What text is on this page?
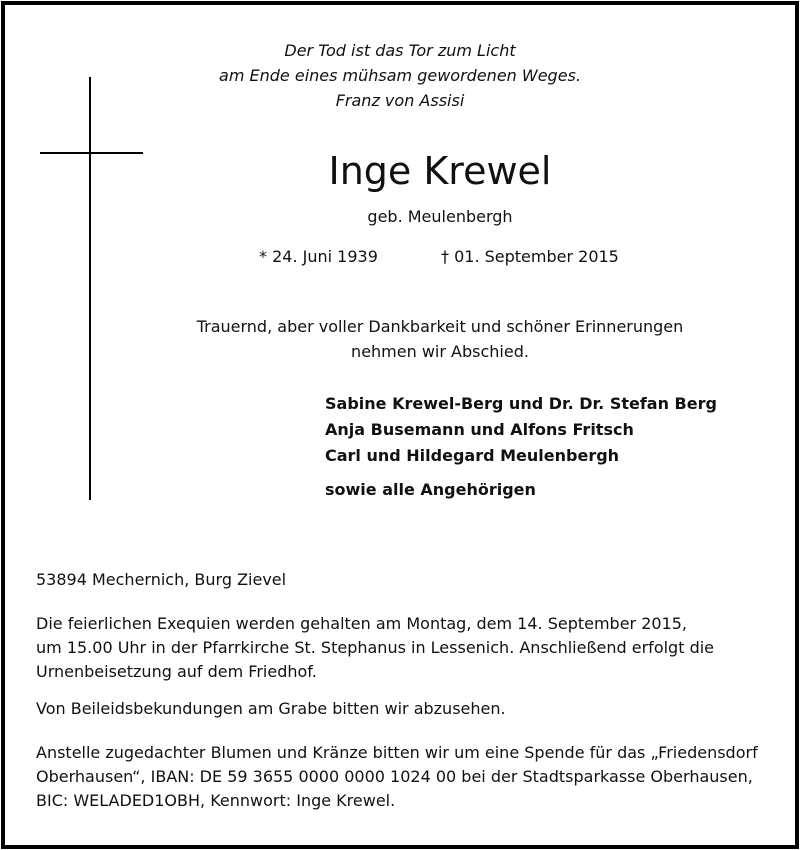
Der Tod ist das Tor zum Licht
am Ende eines mühsam gewordenen Weges.
Franz von Assisi
Inge Krewel
geb. Meulenbergh
* 24. Juni 1939	† 01. September 2015
Trauernd, aber voller Dankbarkeit und schöner Erinnerungen
nehmen wir Abschied.
Sabine Krewel-Berg und Dr. Dr. Stefan Berg
Anja Busemann und Alfons Fritsch
Carl und Hildegard Meulenbergh
sowie alle Angehörigen
53894 Mechernich, Burg Zievel
Die feierlichen Exequien werden gehalten am Montag, dem 14. September 2015,
um 15.00 Uhr in der Pfarrkirche St. Stephanus in Lessenich. Anschließend erfolgt die
Urnenbeisetzung auf dem Friedhof.
Von Beileidsbekundungen am Grabe bitten wir abzusehen.
Anstelle zugedachter Blumen und Kränze bitten wir um eine Spende für das „Friedensdorf
Oberhausen“, IBAN: DE 59 3655 0000 0000 1024 00 bei der Stadtsparkasse Oberhausen,
BIC: WELADED1OBH, Kennwort: Inge Krewel.
